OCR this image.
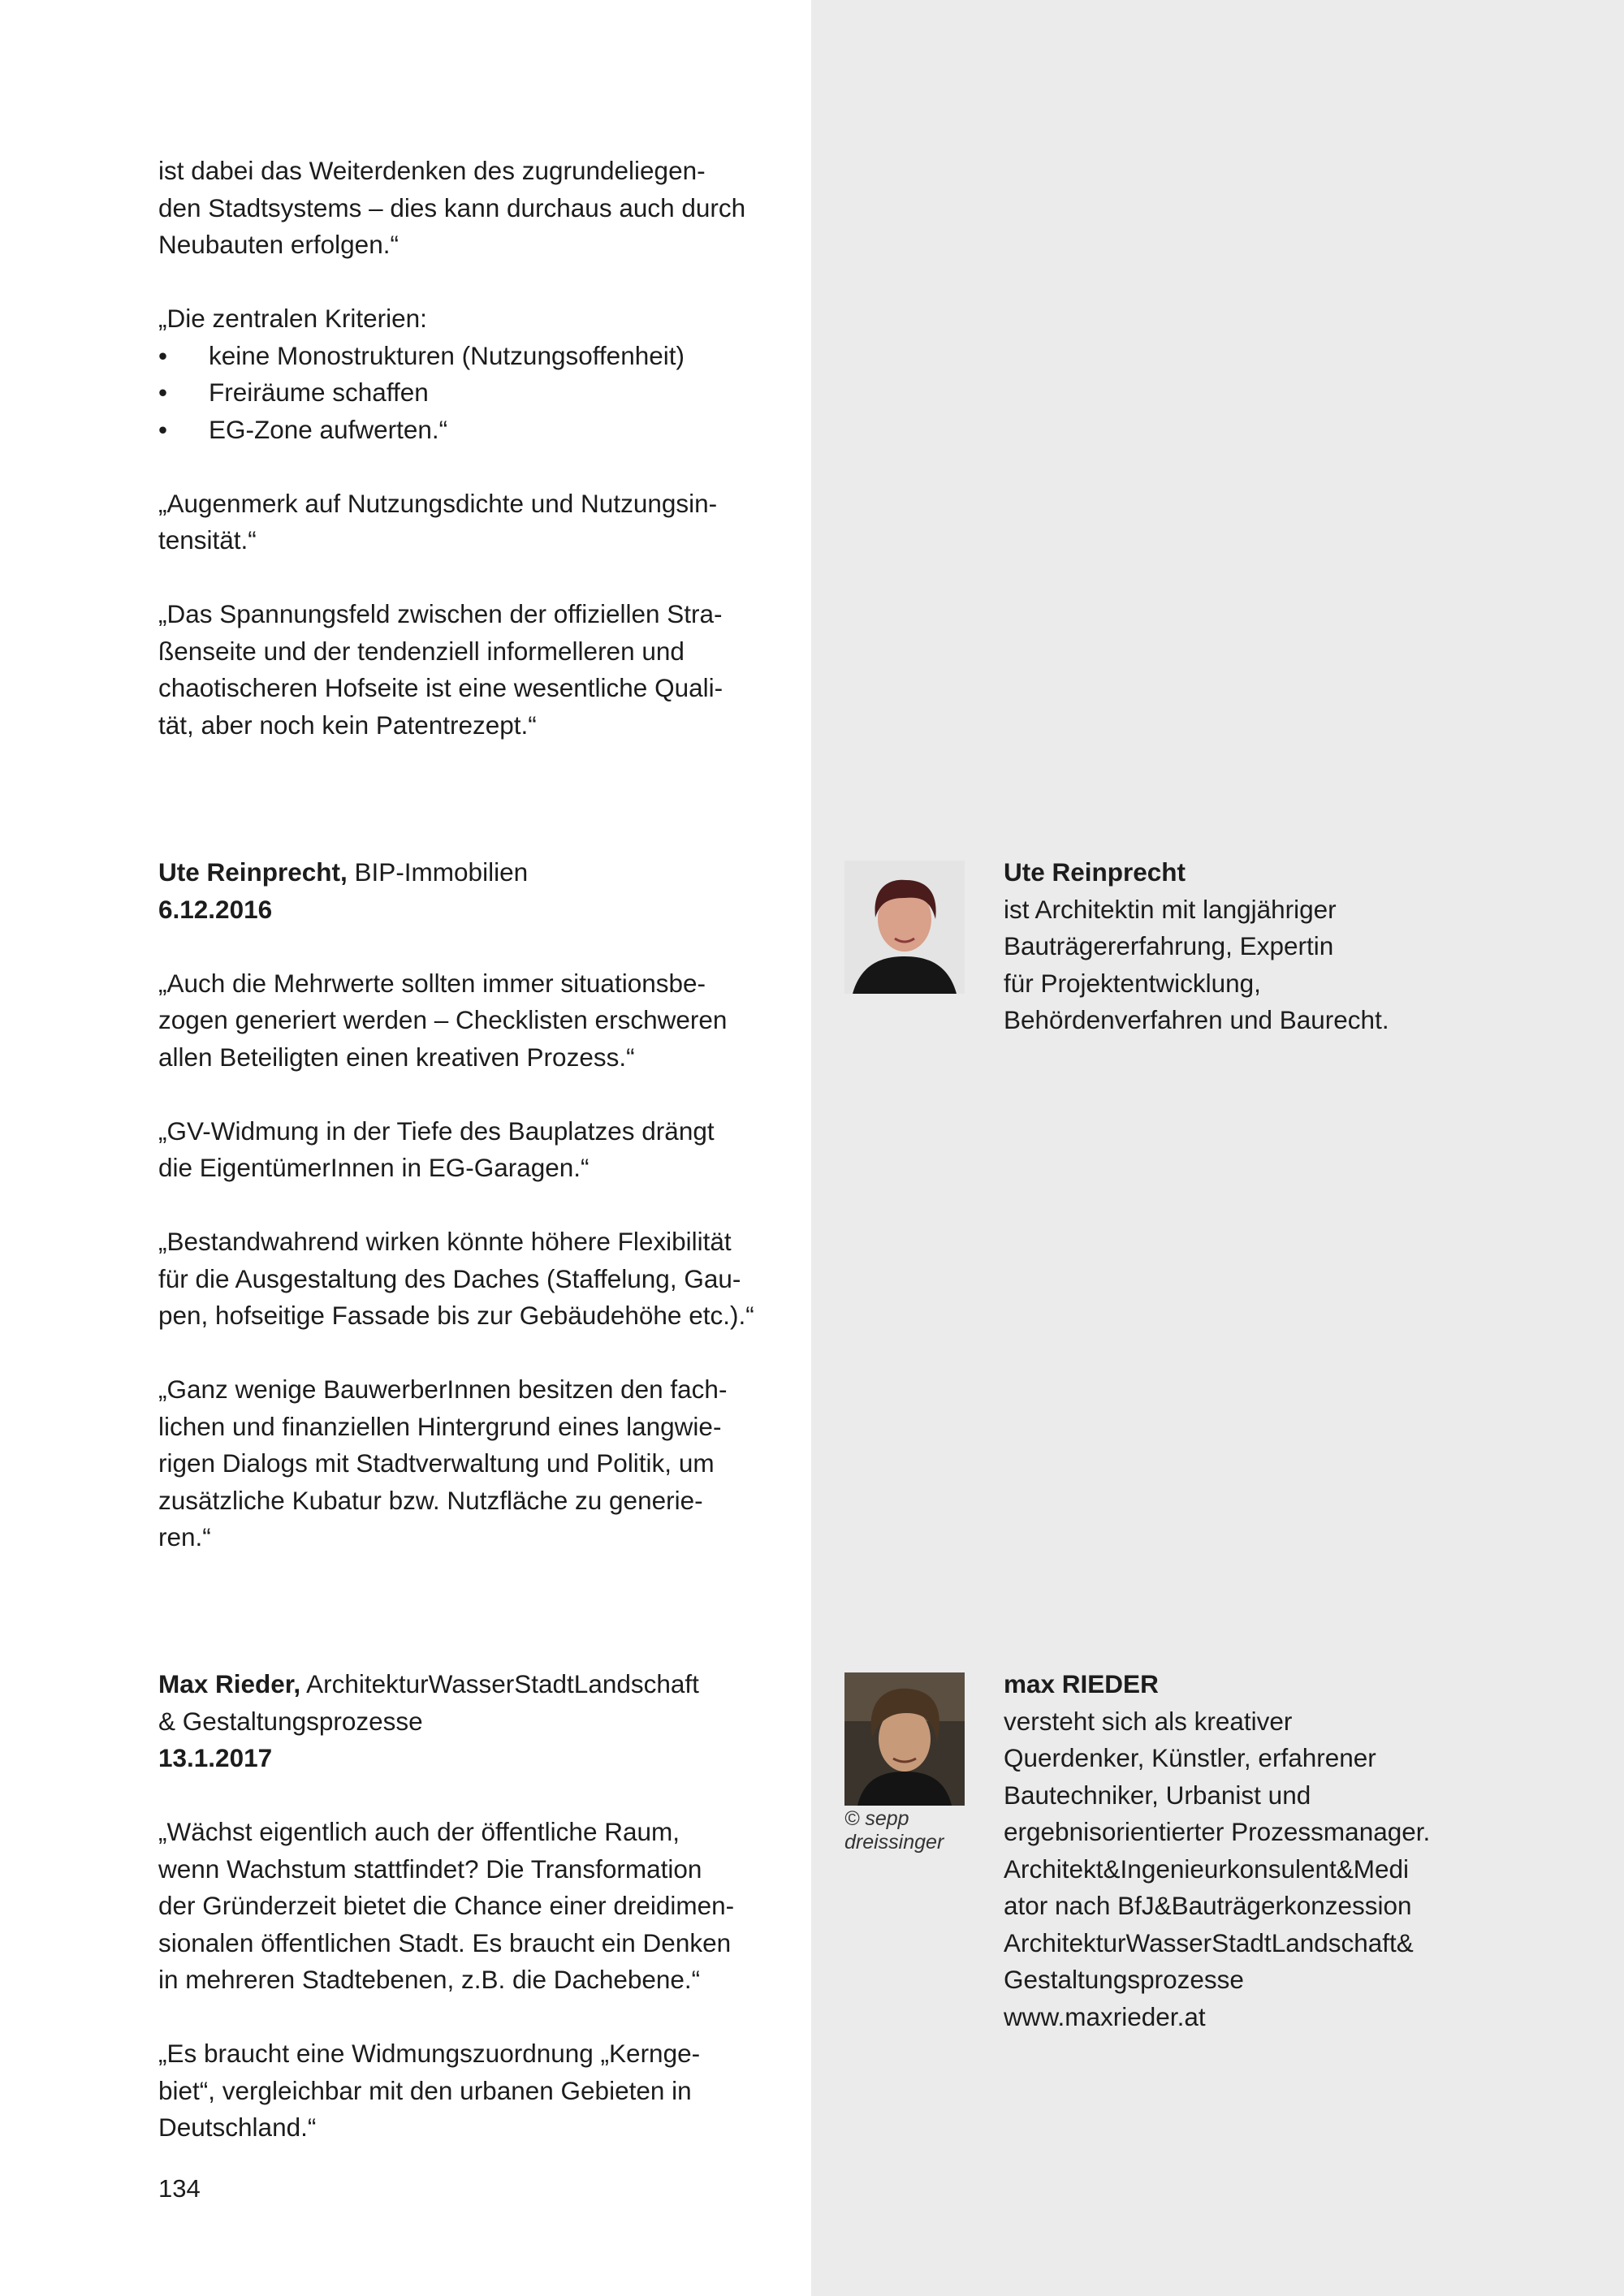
ist dabei das Weiterdenken des zugrundeliegen-
den Stadtsystems – dies kann durchaus auch durch
Neubauten erfolgen.“

„Die zentralen Kriterien:

•	keine Monostrukturen (Nutzungsoffenheit)
•	Freiräume schaffen
•	EG-Zone aufwerten.“

„Augenmerk auf Nutzungsdichte und Nutzungsin-
tensität.“

„Das Spannungsfeld zwischen der offiziellen Stra-
ßenseite und der tendenziell informelleren und
chaotischeren Hofseite ist eine wesentliche Quali-
tät, aber noch kein Patentrezept.“

Ute Reinprecht, BIP-Immobilien

6.12.2016

„Auch die Mehrwerte sollten immer situationsbe-
zogen generiert werden – Checklisten erschweren
allen Beteiligten einen kreativen Prozess.“

„GV-Widmung in der Tiefe des Bauplatzes drängt
die EigentümerInnen in EG-Garagen.“

„Bestandwahrend wirken könnte höhere Flexibilität
für die Ausgestaltung des Daches (Staffelung, Gau-
pen, hofseitige Fassade bis zur Gebäudehöhe etc.).“

„Ganz wenige BauwerberInnen besitzen den fach-
lichen und finanziellen Hintergrund eines langwie-
rigen Dialogs mit Stadtverwaltung und Politik, um
zusätzliche Kubatur bzw. Nutzfläche zu generie-
ren.“

Ute Reinprecht

ist Architektin mit langjähriger
Bauträgererfahrung, Expertin
für Projektentwicklung,
Behördenverfahren und Baurecht.

Max Rieder, ArchitekturWasserStadtLandschaft

& Gestaltungsprozesse

13.1.2017

„Wächst eigentlich auch der öffentliche Raum,
wenn Wachstum stattfindet? Die Transformation
der Gründerzeit bietet die Chance einer dreidimen-
sionalen öffentlichen Stadt. Es braucht ein Denken
in mehreren Stadtebenen, z.B. die Dachebene.“

„Es braucht eine Widmungszuordnung „Kernge-
biet“, vergleichbar mit den urbanen Gebieten in
Deutschland.“

© sepp
dreissinger

max RIEDER

versteht sich als kreativer
Querdenker, Künstler, erfahrener
Bautechniker, Urbanist und
ergebnisorientierter Prozessmanager.
Architekt&Ingenieurkonsulent&Medi
ator nach BfJ&Bauträgerkonzession
ArchitekturWasserStadtLandschaft&
Gestaltungsprozesse
www.maxrieder.at

134
